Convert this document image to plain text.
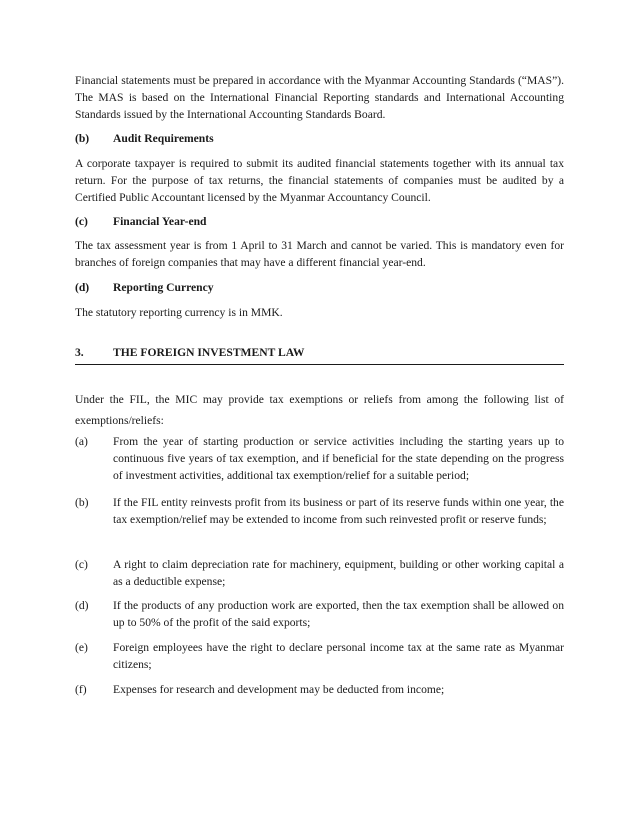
Financial statements must be prepared in accordance with the Myanmar Accounting Standards (“MAS”). The MAS is based on the International Financial Reporting standards and International Accounting Standards issued by the International Accounting Standards Board.

(b) Audit Requirements

A corporate taxpayer is required to submit its audited financial statements together with its annual tax return. For the purpose of tax returns, the financial statements of companies must be audited by a Certified Public Accountant licensed by the Myanmar Accountancy Council.

(c) Financial Year-end

The tax assessment year is from 1 April to 31 March and cannot be varied. This is mandatory even for branches of foreign companies that may have a different financial year-end.

(d) Reporting Currency

The statutory reporting currency is in MMK.

3.	THE FOREIGN INVESTMENT LAW

Under the FIL, the MIC may provide tax exemptions or reliefs from among the following list of exemptions/reliefs:

(a)	From the year of starting production or service activities including the starting years up to continuous five years of tax exemption, and if beneficial for the state depending on the progress of investment activities, additional tax exemption/relief for a suitable period;

(b)	If the FIL entity reinvests profit from its business or part of its reserve funds within one year, the tax exemption/relief may be extended to income from such reinvested profit or reserve funds;

(c)	A right to claim depreciation rate for machinery, equipment, building or other working capital a as a deductible expense;

(d)	If the products of any production work are exported, then the tax exemption shall be allowed on up to 50% of the profit of the said exports;

(e)	Foreign employees have the right to declare personal income tax at the same rate as Myanmar citizens;

(f)	Expenses for research and development may be deducted from income;
